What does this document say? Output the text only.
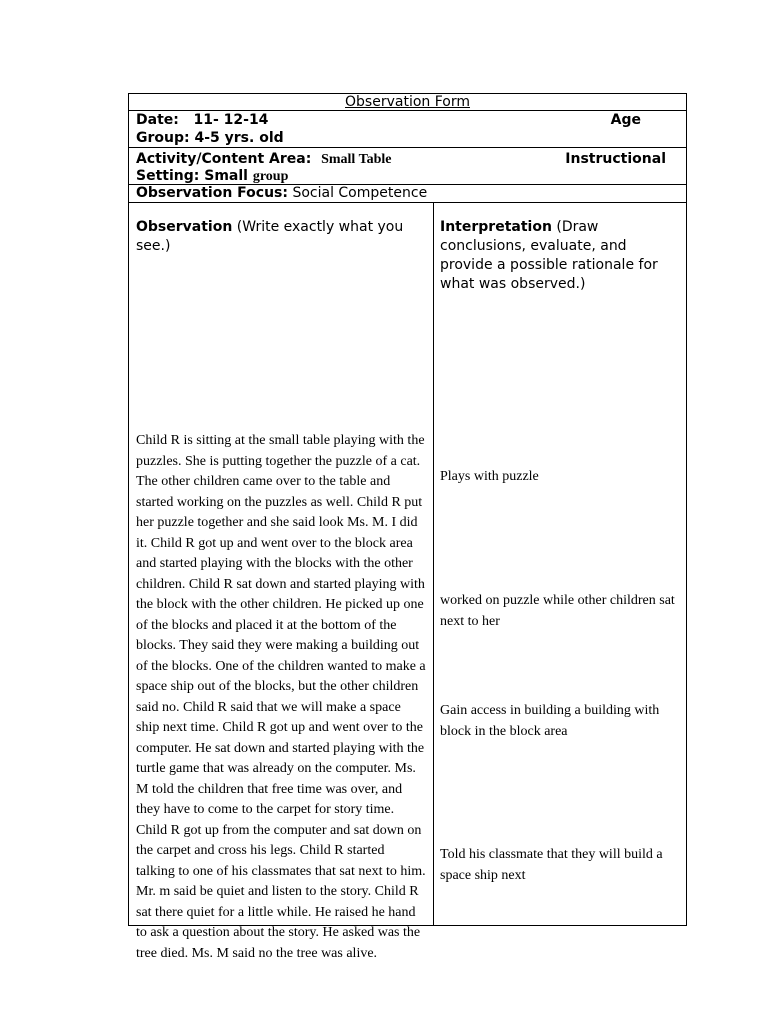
Observation Form
Date: 11- 12-14	Age
Group: 4-5 yrs. old
Activity/Content Area: Small Table	Instructional
Setting: Small group
Observation Focus: Social Competence
Observation (Write exactly what you see.)
Interpretation (Draw conclusions, evaluate, and provide a possible rationale for what was observed.)
Child R is sitting at the small table playing with the puzzles. She is putting together the puzzle of a cat. The other children came over to the table and started working on the puzzles as well. Child R put her puzzle together and she said look Ms. M. I did it. Child R got up and went over to the block area and started playing with the blocks with the other children. Child R sat down and started playing with the block with the other children. He picked up one of the blocks and placed it at the bottom of the blocks. They said they were making a building out of the blocks. One of the children wanted to make a space ship out of the blocks, but the other children said no. Child R said that we will make a space ship next time. Child R got up and went over to the computer. He sat down and started playing with the turtle game that was already on the computer. Ms. M told the children that free time was over, and they have to come to the carpet for story time. Child R got up from the computer and sat down on the carpet and cross his legs. Child R started talking to one of his classmates that sat next to him. Mr. m said be quiet and listen to the story. Child R sat there quiet for a little while. He raised he hand to ask a question about the story. He asked was the tree died. Ms. M said no the tree was alive.
Plays with puzzle
worked on puzzle while other children sat next to her
Gain access in building a building with block in the block area
Told his classmate that they will build a space ship next
